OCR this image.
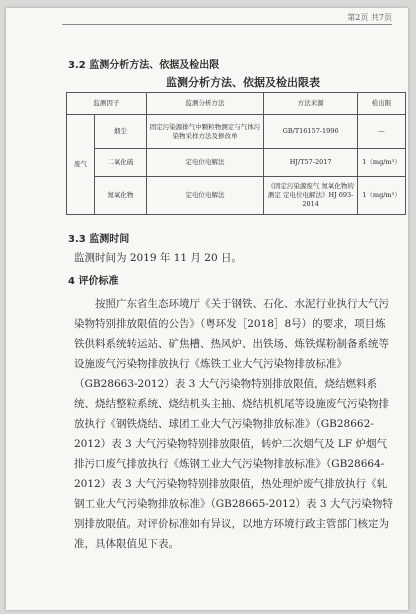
第2页 共7页
3.2 监测分析方法、依据及检出限
监测分析方法、依据及检出限表
监测因子		监测分析方法	方法来源	检出限
废气	烟尘	固定污染源排气中颗粒物测定与气体污染物采样方法及修改单	GB/T16157-1996	—
	二氧化硫	定电位电解法	HJ/T57-2017	1（mg/m³）
	氮氧化物	定电位电解法	《固定污染源废气 氮氧化物的测定 定电位电解法》HJ 693-2014	1（mg/m³）
3.3 监测时间
监测时间为 2019 年 11 月 20 日。
4 评价标准
按照广东省生态环境厅《关于钢铁、石化、水泥行业执行大气污染物特别排放限值的公告》（粤环发［2018］8号）的要求，项目炼铁供料系统转运站、矿焦槽、热风炉、出铁场、炼铁煤粉制备系统等设施废气污染物排放执行《炼铁工业大气污染物排放标准》（GB28663-2012）表 3 大气污染物特别排放限值，烧结燃料系统、烧结整粒系统、烧结机头主抽、烧结机机尾等设施废气污染物排放执行《钢铁烧结、球团工业大气污染物排放标准》（GB28662-2012）表 3 大气污染物特别排放限值，转炉二次烟气及 LF 炉烟气排污口废气排放执行《炼钢工业大气污染物排放标准》（GB28664-2012）表 3 大气污染物特别排放限值，热处理炉废气排放执行《轧钢工业大气污染物排放标准》（GB28665-2012）表 3 大气污染物特别排放限值。对评价标准如有异议，以地方环境行政主管部门核定为准，具体限值见下表。
